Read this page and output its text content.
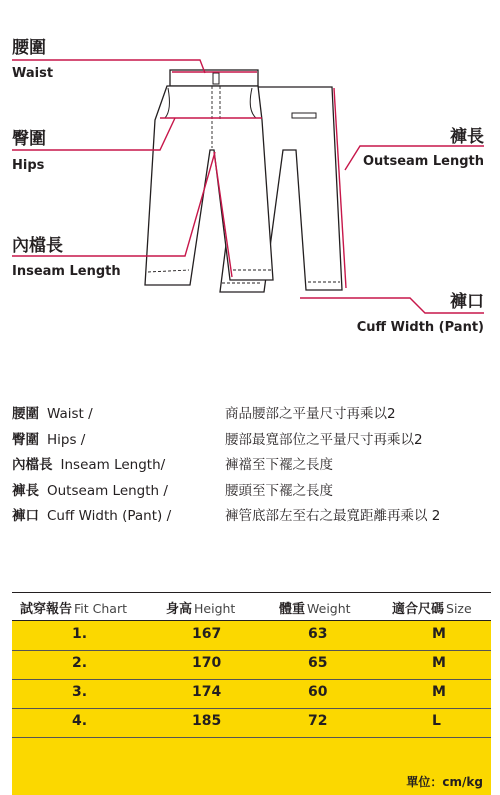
腰圍
Waist
臀圍
Hips
內檔長
Inseam Length
褲長
Outseam Length
褲口
Cuff Width (Pant)
腰圍 Waist /	商品腰部之平量尺寸再乘以2
臀圍 Hips /	腰部最寬部位之平量尺寸再乘以2
內檔長 Inseam Length/	褲襠至下襬之長度
褲長 Outseam Length /	腰頭至下襬之長度
褲口 Cuff Width (Pant) /	褲管底部左至右之最寬距離再乘以 2
試穿報告 Fit Chart	身高 Height	體重 Weight	適合尺碼 Size
1.	167	63	M
2.	170	65	M
3.	174	60	M
4.	185	72	L
單位：cm/kg
